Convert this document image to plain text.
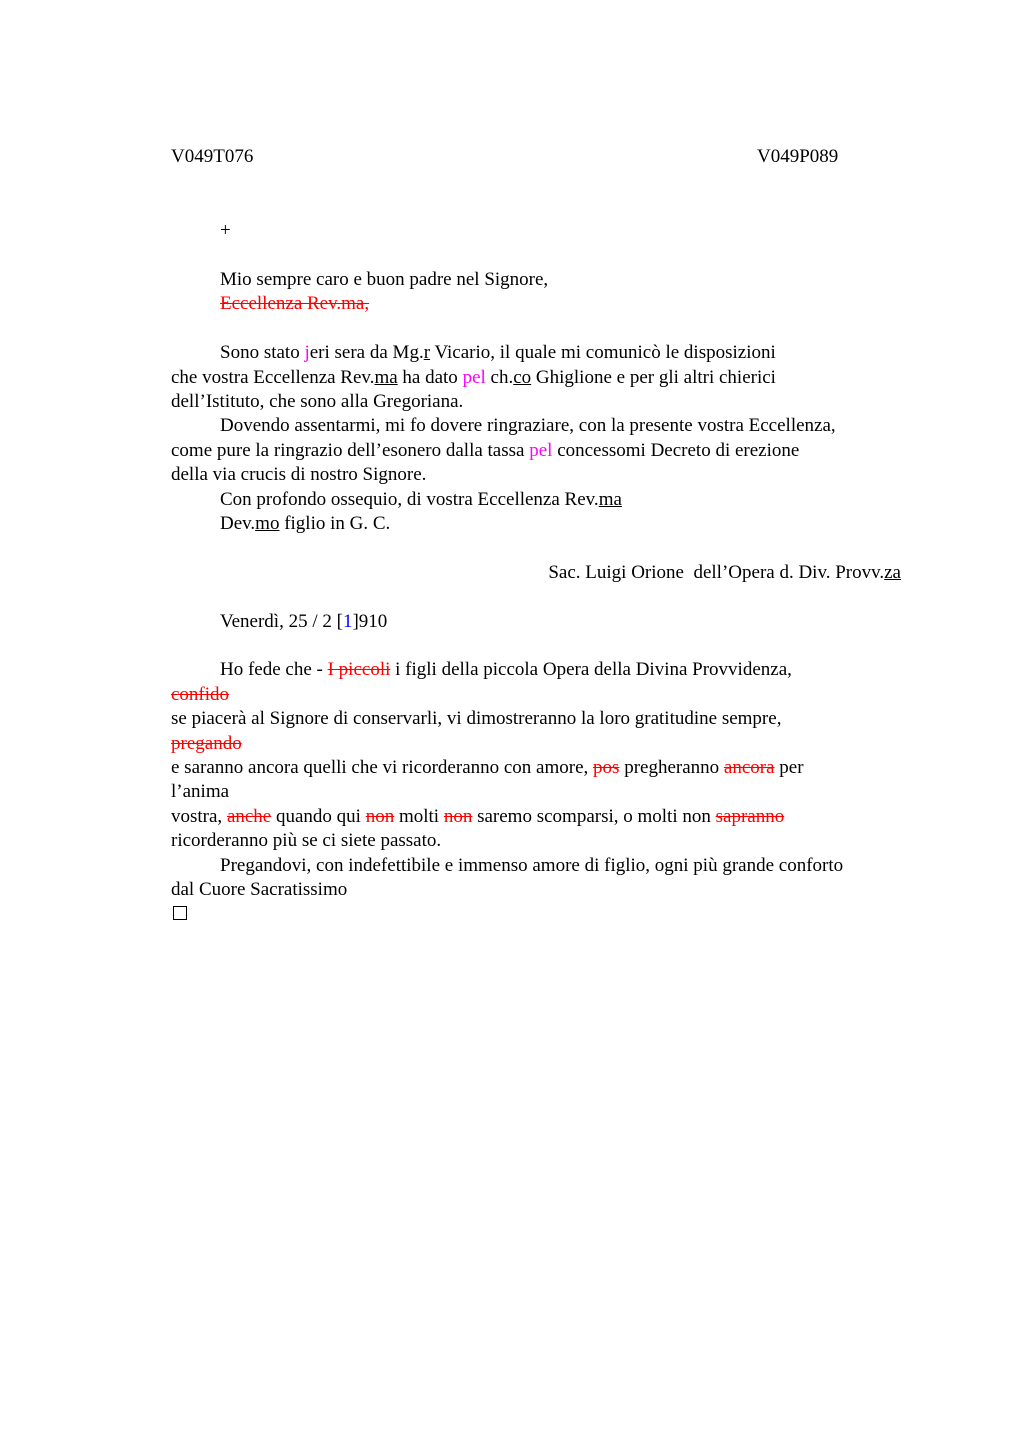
V049T076	V049P089
+
Mio sempre caro e buon padre nel Signore,
Eccellenza Rev.ma,
Sono stato jeri sera da Mg.r Vicario, il quale mi comunicò le disposizioni
che vostra Eccellenza Rev.ma ha dato pel ch.co Ghiglione e per gli altri chierici
dell’Istituto, che sono alla Gregoriana.
Dovendo assentarmi, mi fo dovere ringraziare, con la presente vostra Eccellenza,
come pure la ringrazio dell’esonero dalla tassa pel concessomi Decreto di erezione
della via crucis di nostro Signore.
Con profondo ossequio, di vostra Eccellenza Rev.ma
Dev.mo figlio in G. C.
Sac. Luigi Orione  dell’Opera d. Div. Provv.za
Venerdì, 25 / 2 [1]910
Ho fede che - I piccoli i figli della piccola Opera della Divina Provvidenza,
confido
se piacerà al Signore di conservarli, vi dimostreranno la loro gratitudine sempre,
pregando
e saranno ancora quelli che vi ricorderanno con amore, pos pregheranno ancora per
l’anima
vostra, anche quando qui non molti non saremo scomparsi, o molti non sapranno
ricorderanno più se ci siete passato.
Pregandovi, con indefettibile e immenso amore di figlio, ogni più grande conforto
dal Cuore Sacratissimo
